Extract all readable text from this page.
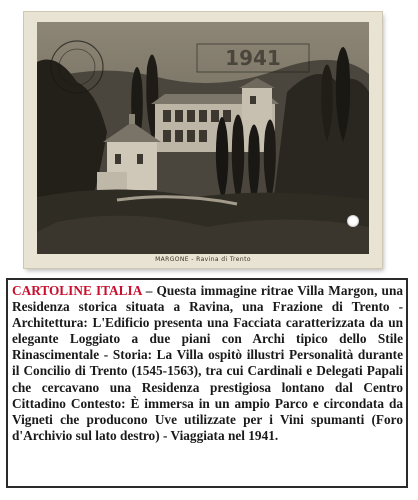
1941
MARGONE - Ravina di Trento

CARTOLINE ITALIA – Questa immagine ritrae Villa Margon, una Residenza storica situata a Ravina, una Frazione di Trento - Architettura: L'Edificio presenta una Facciata caratterizzata da un elegante Loggiato a due piani con Archi tipico dello Stile Rinascimentale - Storia: La Villa ospitò illustri Personalità durante il Concilio di Trento (1545-1563), tra cui Cardinali e Delegati Papali che cercavano una Residenza prestigiosa lontano dal Centro Cittadino Contesto: È immersa in un ampio Parco e circondata da Vigneti che producono Uve utilizzate per i Vini spumanti (Foro d'Archivio sul lato destro) - Viaggiata nel 1941.
